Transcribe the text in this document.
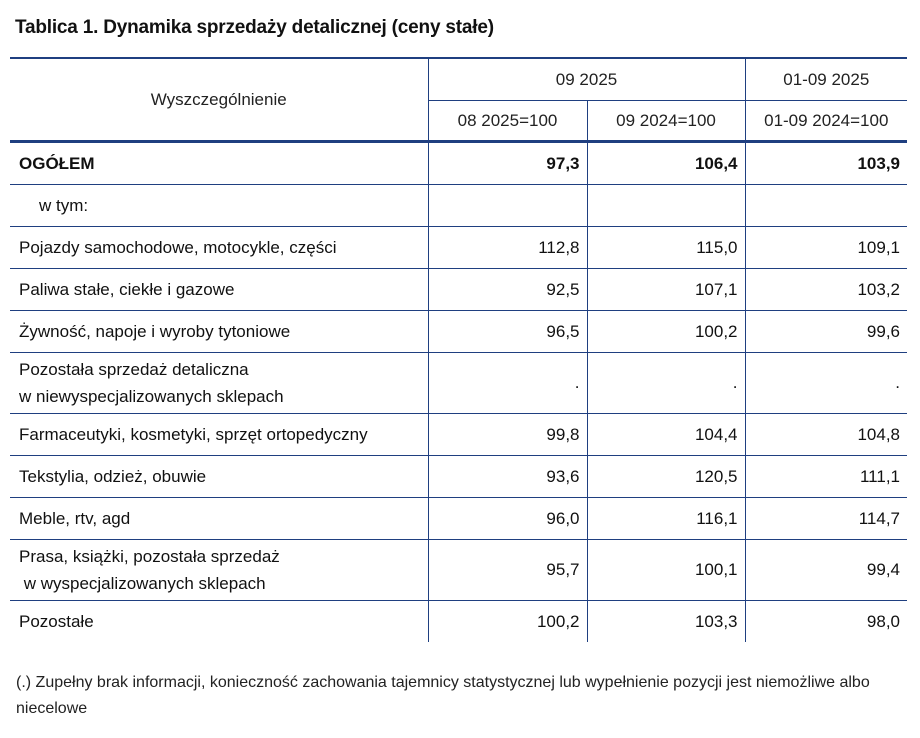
Tablica 1. Dynamika sprzedaży detalicznej (ceny stałe)
Wyszczególnienie	09 2025		01-09 2025
	08 2025=100	09 2024=100	01-09 2024=100
OGÓŁEM	97,3	106,4	103,9
w tym:			
Pojazdy samochodowe, motocykle, części	112,8	115,0	109,1
Paliwa stałe, ciekłe i gazowe	92,5	107,1	103,2
Żywność, napoje i wyroby tytoniowe	96,5	100,2	99,6
Pozostała sprzedaż detaliczna
w niewyspecjalizowanych sklepach	.	.	.
Farmaceutyki, kosmetyki, sprzęt ortopedyczny	99,8	104,4	104,8
Tekstylia, odzież, obuwie	93,6	120,5	111,1
Meble, rtv, agd	96,0	116,1	114,7
Prasa, książki, pozostała sprzedaż
w wyspecjalizowanych sklepach	95,7	100,1	99,4
Pozostałe	100,2	103,3	98,0
(.) Zupełny brak informacji, konieczność zachowania tajemnicy statystycznej lub wypełnienie pozycji jest niemożliwe albo niecelowe
